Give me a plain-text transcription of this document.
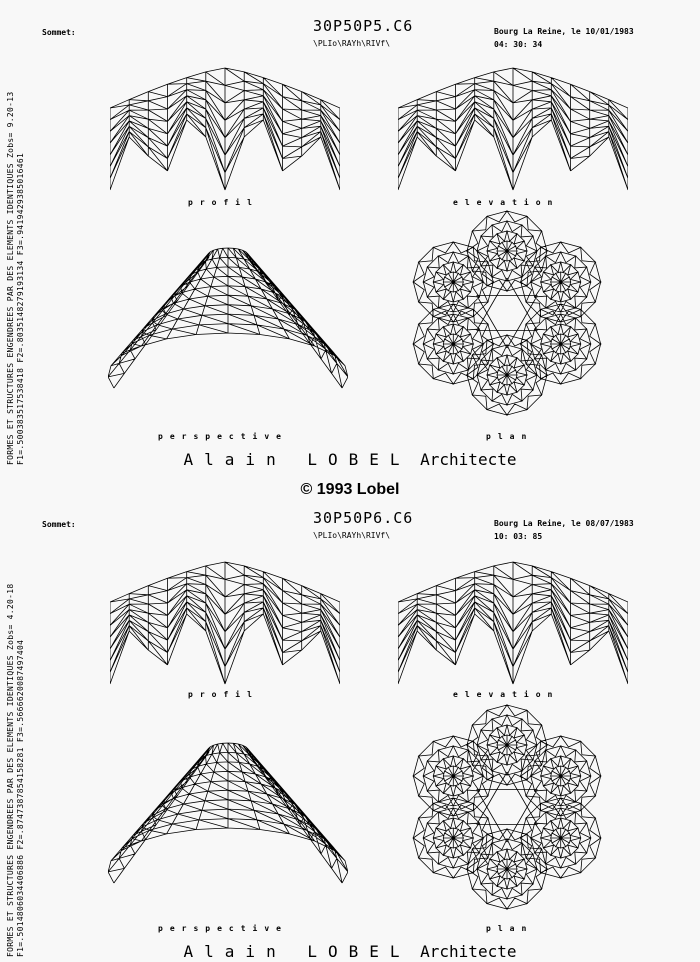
FORMES ET STRUCTURES ENGENDREES PAR DES ELEMENTS IDENTIQUES Zobs= 9.20-13 F1=.500383517538418 F2=.8035148279193134 F3=.9419429385016461
Sommet:	30P50P5.C6
\PLIo\RAYh\RIVf\
Bourg La Reine, le 10/01/1983
04: 30: 34
profil	elevation
perspective	plan
Alain LOBEL Architecte
© 1993 Lobel
FORMES ET STRUCTURES ENGENDREES PAR DES ELEMENTS IDENTIQUES Zobs= 4.20-18 F1=.5014806034406886 F2=.8747387854158281 F3=.5666620087497404
Sommet:	30P50P6.C6
\PLIo\RAYh\RIVf\
Bourg La Reine, le 08/07/1983
10: 03: 85
profil	elevation
perspective	plan
Alain LOBEL Architecte
